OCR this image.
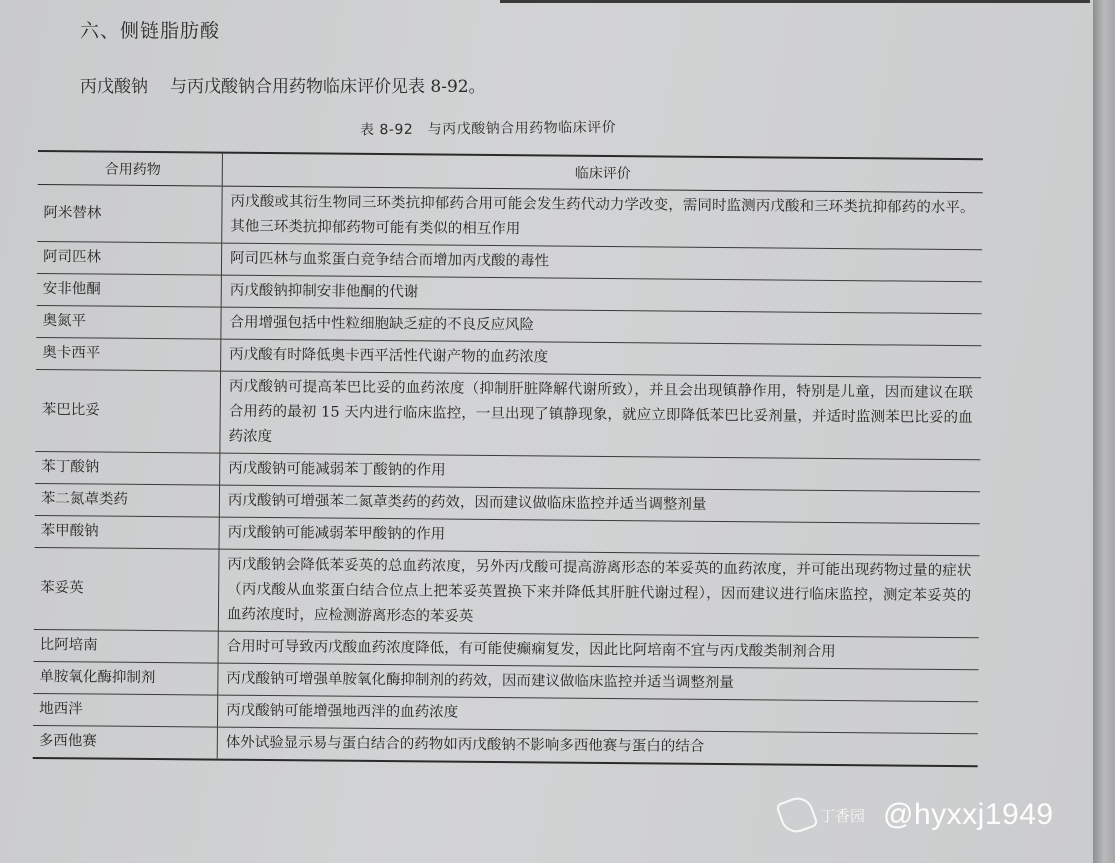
六、侧链脂肪酸
丙戊酸钠 与丙戊酸钠合用药物临床评价见表 8-92。
表 8-92　与丙戊酸钠合用药物临床评价
合用药物	临床评价
阿米替林	丙戊酸或其衍生物同三环类抗抑郁药合用可能会发生药代动力学改变，需同时监测丙戊酸和三环类抗抑郁药的水平。其他三环类抗抑郁药物可能有类似的相互作用
阿司匹林	阿司匹林与血浆蛋白竞争结合而增加丙戊酸的毒性
安非他酮	丙戊酸钠抑制安非他酮的代谢
奥氮平	合用增强包括中性粒细胞缺乏症的不良反应风险
奥卡西平	丙戊酸有时降低奥卡西平活性代谢产物的血药浓度
苯巴比妥	丙戊酸钠可提高苯巴比妥的血药浓度（抑制肝脏降解代谢所致），并且会出现镇静作用，特别是儿童，因而建议在联合用药的最初 15 天内进行临床监控，一旦出现了镇静现象，就应立即降低苯巴比妥剂量，并适时监测苯巴比妥的血药浓度
苯丁酸钠	丙戊酸钠可能减弱苯丁酸钠的作用
苯二氮䓬类药	丙戊酸钠可增强苯二氮䓬类药的药效，因而建议做临床监控并适当调整剂量
苯甲酸钠	丙戊酸钠可能减弱苯甲酸钠的作用
苯妥英	丙戊酸钠会降低苯妥英的总血药浓度，另外丙戊酸可提高游离形态的苯妥英的血药浓度，并可能出现药物过量的症状（丙戊酸从血浆蛋白结合位点上把苯妥英置换下来并降低其肝脏代谢过程），因而建议进行临床监控，测定苯妥英的血药浓度时，应检测游离形态的苯妥英
比阿培南	合用时可导致丙戊酸血药浓度降低，有可能使癫痫复发，因此比阿培南不宜与丙戊酸类制剂合用
单胺氧化酶抑制剂	丙戊酸钠可增强单胺氧化酶抑制剂的药效，因而建议做临床监控并适当调整剂量
地西泮	丙戊酸钠可能增强地西泮的血药浓度
多西他赛	体外试验显示易与蛋白结合的药物如丙戊酸钠不影响多西他赛与蛋白的结合
丁香园 @hyxxj1949
